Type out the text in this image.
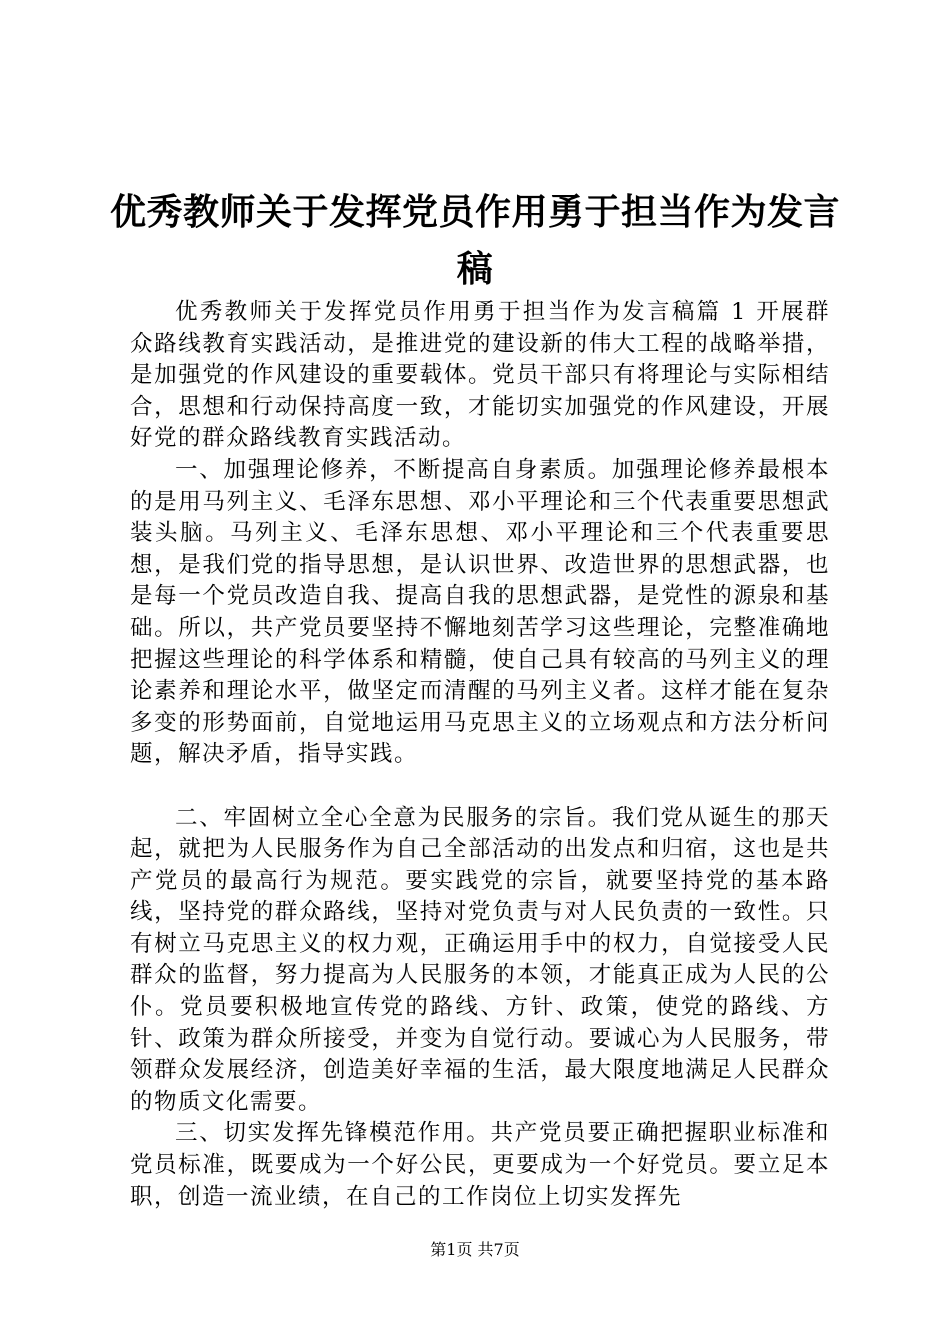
优秀教师关于发挥党员作用勇于担当作为发言稿

优秀教师关于发挥党员作用勇于担当作为发言稿篇 1 开展群众路线教育实践活动，是推进党的建设新的伟大工程的战略举措，是加强党的作风建设的重要载体。党员干部只有将理论与实际相结合，思想和行动保持高度一致，才能切实加强党的作风建设，开展好党的群众路线教育实践活动。

一、加强理论修养，不断提高自身素质。加强理论修养最根本的是用马列主义、毛泽东思想、邓小平理论和三个代表重要思想武装头脑。马列主义、毛泽东思想、邓小平理论和三个代表重要思想，是我们党的指导思想，是认识世界、改造世界的思想武器，也是每一个党员改造自我、提高自我的思想武器，是党性的源泉和基础。所以，共产党员要坚持不懈地刻苦学习这些理论，完整准确地把握这些理论的科学体系和精髓，使自己具有较高的马列主义的理论素养和理论水平，做坚定而清醒的马列主义者。这样才能在复杂多变的形势面前，自觉地运用马克思主义的立场观点和方法分析问题，解决矛盾，指导实践。

二、牢固树立全心全意为民服务的宗旨。我们党从诞生的那天起，就把为人民服务作为自己全部活动的出发点和归宿，这也是共产党员的最高行为规范。要实践党的宗旨，就要坚持党的基本路线，坚持党的群众路线，坚持对党负责与对人民负责的一致性。只有树立马克思主义的权力观，正确运用手中的权力，自觉接受人民群众的监督，努力提高为人民服务的本领，才能真正成为人民的公仆。党员要积极地宣传党的路线、方针、政策，使党的路线、方针、政策为群众所接受，并变为自觉行动。要诚心为人民服务，带领群众发展经济，创造美好幸福的生活，最大限度地满足人民群众的物质文化需要。

三、切实发挥先锋模范作用。共产党员要正确把握职业标准和党员标准，既要成为一个好公民，更要成为一个好党员。要立足本职，创造一流业绩，在自己的工作岗位上切实发挥先

第1页 共7页
